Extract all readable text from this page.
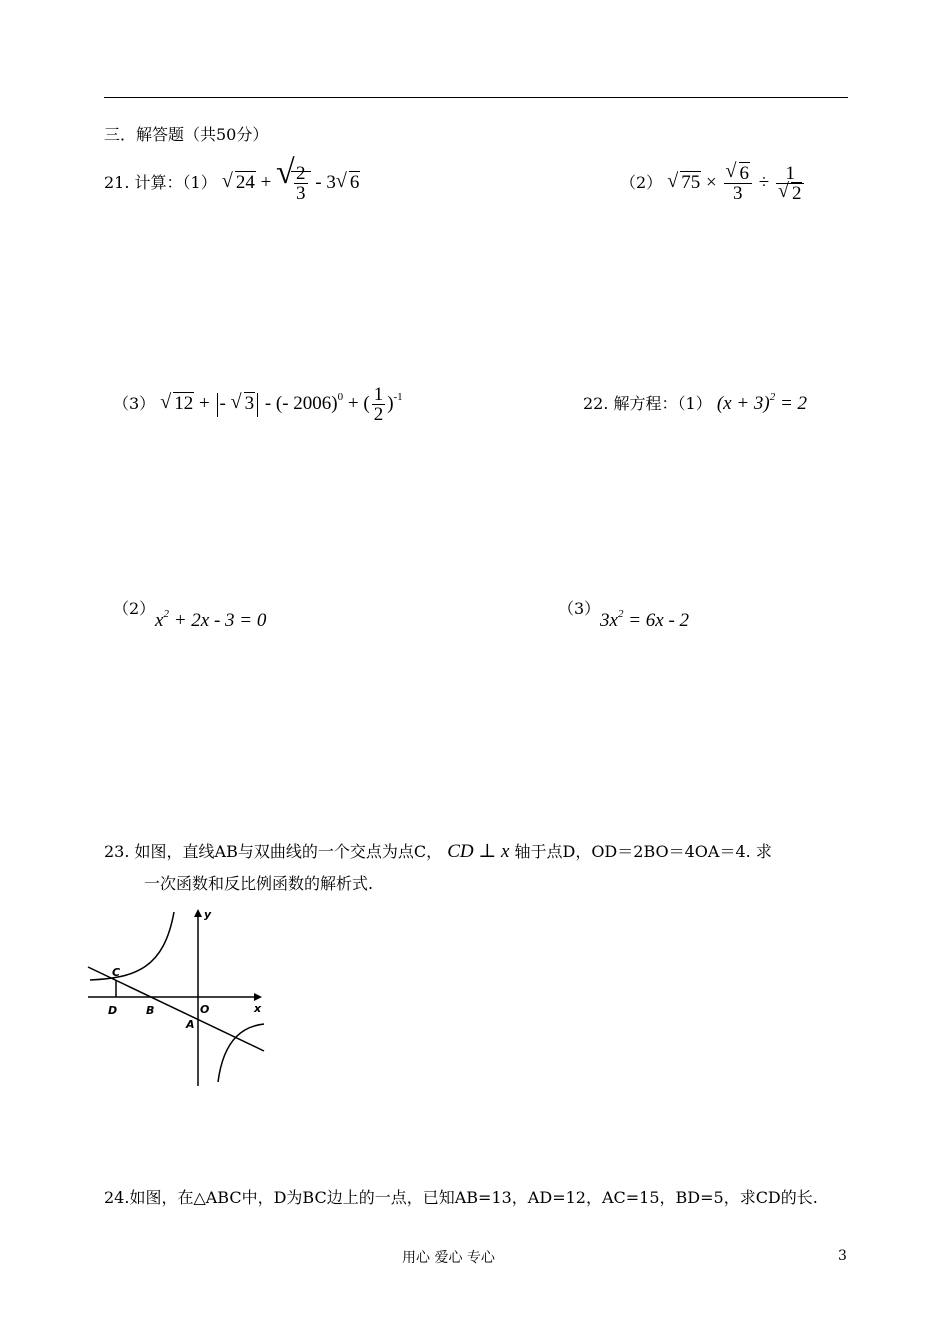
三．解答题（共50分）
21. 计算：（1） √ 24 + √ $\frac{2}{3} - 3$ √ 6	（2） √ $75 \times \frac{√ 6}{3} \div \frac{1}{√ 2}$
（3） √ 12 + - √ 3 - (- 2006)$^0$ + ( $\frac{1}{2} )^{-1}$	22. 解方程：（1） $(x + 3)^2 = 2$
（2）
$x^2 + 2x - 3 = 0$
（3）
$3x^2 = 6x - 2$
23. 如图，直线AB与双曲线的一个交点为点C， CD ⊥ x 轴于点D，OD＝2BO＝4OA＝4. 求
一次函数和反比例函数的解析式.
y
x
C
D	B	O
A
24.如图，在△ABC中，D为BC边上的一点，已知AB=13，AD=12，AC=15，BD=5，求CD的长.
用心 爱心 专心	3
